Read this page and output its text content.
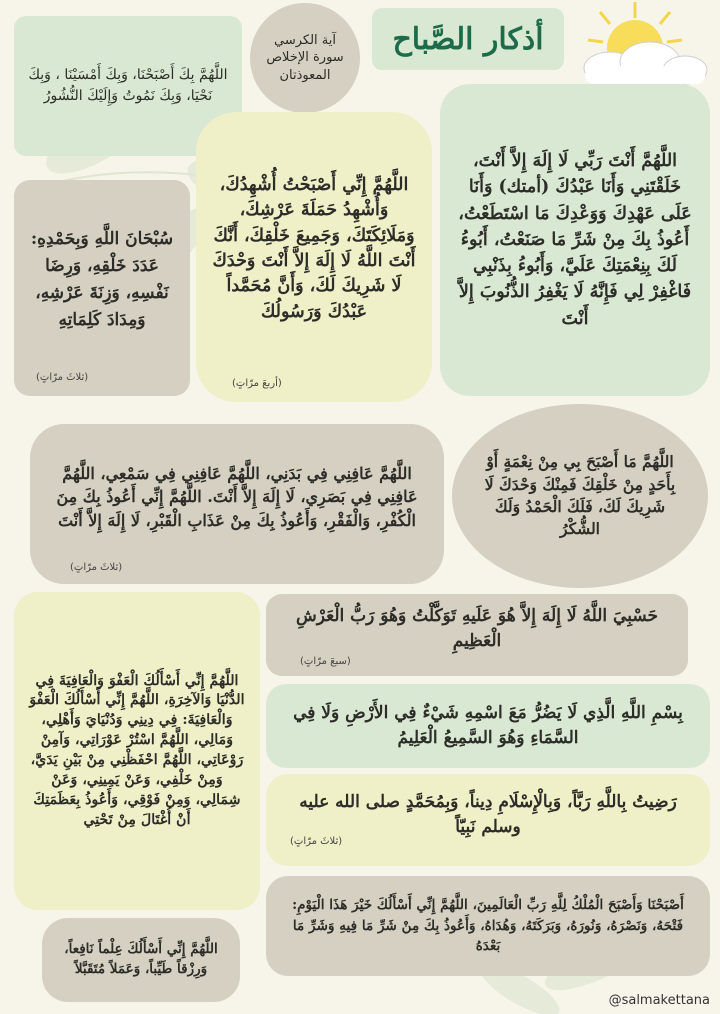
أذكار الصَّباح
آية الكرسي
سورة الإخلاص
المعوذتان

اللَّهُمَّ بِكَ أَصْبَحْنَا، وَبِكَ أَمْسَيْنَا ، وَبِكَ نَحْيَا، وَبِكَ نَمُوتُ وَإِلَيْكَ النُّشُورُ

اللَّهُمَّ أَنْتَ رَبِّي لَا إِلَهَ إِلاَّ أَنْتَ، خَلَقْتَنِي وَأَنَا عَبْدُكَ (أمتك) وَأَنَا عَلَى عَهْدِكَ وَوَعْدِكَ مَا اسْتَطَعْتُ، أَعُوذُ بِكَ مِنْ شَرِّ مَا صَنَعْتُ، أَبُوءُ لَكَ بِنِعْمَتِكَ عَلَيَّ، وَأَبُوءُ بِذَنْبِي فَاغْفِرْ لِي فَإِنَّهُ لَا يَغْفِرُ الذُّنُوبَ إِلاَّ أَنْتَ

اللَّهُمَّ إِنِّي أَصْبَحْتُ أُشْهِدُكَ، وَأُشْهِدُ حَمَلَةَ عَرْشِكَ، وَمَلَائِكَتَكَ، وَجَمِيعَ خَلْقِكَ، أَنَّكَ أَنْتَ اللَّهُ لَا إِلَهَ إِلاَّ أَنْتَ وَحْدَكَ لَا شَرِيكَ لَكَ، وَأَنَّ مُحَمَّداً عَبْدُكَ وَرَسُولُكَ

(أربعَ مرّاتٍ)

سُبْحَانَ اللَّهِ وَبِحَمْدِهِ: عَدَدَ خَلْقِهِ، وَرِضَا نَفْسِهِ، وَزِنَةَ عَرْشِهِ، وَمِدَادَ كَلِمَاتِهِ

(ثلاثَ مرّاتٍ)

اللَّهُمَّ مَا أَصْبَحَ بِي مِنْ نِعْمَةٍ أَوْ بِأَحَدٍ مِنْ خَلْقِكَ فَمِنْكَ وَحْدَكَ لَا شَرِيكَ لَكَ، فَلَكَ الْحَمْدُ وَلَكَ الشُّكْرُ

اللَّهُمَّ عَافِنِي فِي بَدَنِي، اللَّهُمَّ عَافِنِي فِي سَمْعِي، اللَّهُمَّ عَافِنِي فِي بَصَرِي، لَا إِلَهَ إِلاَّ أَنْتَ. اللَّهُمَّ إِنِّي أَعُوذُ بِكَ مِنَ الْكُفْرِ، وَالْفَقْرِ، وَأَعُوذُ بِكَ مِنْ عَذَابِ الْقَبْرِ، لَا إِلَهَ إِلاَّ أَنْتَ

(ثلاثَ مرّاتٍ)

اللَّهُمَّ إِنِّي أَسْأَلُكَ الْعَفْوَ وَالْعَافِيَةَ فِي الدُّنْيَا وَالآخِرَةِ، اللَّهُمَّ إِنِّي أَسْأَلُكَ الْعَفْوَ وَالْعَافِيَةَ: فِي دِينِي وَدُنْيَايَ وَأَهْلِي، وَمَالِي، اللَّهُمَّ اسْتُرْ عَوْرَاتِي، وَآمِنْ رَوْعَاتِي، اللَّهُمَّ احْفَظْنِي مِنْ بَيْنِ يَدَيَّ، وَمِنْ خَلْفِي، وَعَنْ يَمِينِي، وَعَنْ شِمَالِي، وَمِنْ فَوْقِي، وَأَعُوذُ بِعَظَمَتِكَ أَنْ أُغْتَالَ مِنْ تَحْتِي

حَسْبِيَ اللَّهُ لَا إِلَهَ إِلاَّ هُوَ عَلَيهِ تَوَكَّلْتُ وَهُوَ رَبُّ الْعَرْشِ الْعَظِيمِ

(سبعَ مرّاتٍ)

بِسْمِ اللَّهِ الَّذِي لَا يَضُرُّ مَعَ اسْمِهِ شَيْءٌ فِي الأَرْضِ وَلَا فِي السَّمَاءِ وَهُوَ السَّمِيعُ الْعَلِيمُ

رَضِيتُ بِاللَّهِ رَبَّاً، وَبِالْإِسْلَامِ دِيناً، وَبِمُحَمَّدٍ صلى الله عليه وسلم نَبِيّاً

(ثلاثَ مرّاتٍ)

أَصْبَحْنَا وَأَصْبَحَ الْمُلْكُ لِلَّهِ رَبِّ الْعَالَمِينَ، اللَّهُمَّ إِنِّي أَسْأَلُكَ خَيْرَ هَذَا الْيَوْمِ: فَتْحَهُ، وَنَصْرَهُ، وَنُورَهُ، وَبَرَكَتَهُ، وَهُدَاهُ، وَأَعُوذُ بِكَ مِنْ شَرِّ مَا فِيهِ وَشَرِّ مَا بَعْدَهُ

اللَّهُمَّ إِنِّي أَسْأَلُكَ عِلْماً نَافِعاً، وَرِزْقاً طَيِّباً، وَعَمَلاً مُتَقَبَّلاً

@salmakettana
